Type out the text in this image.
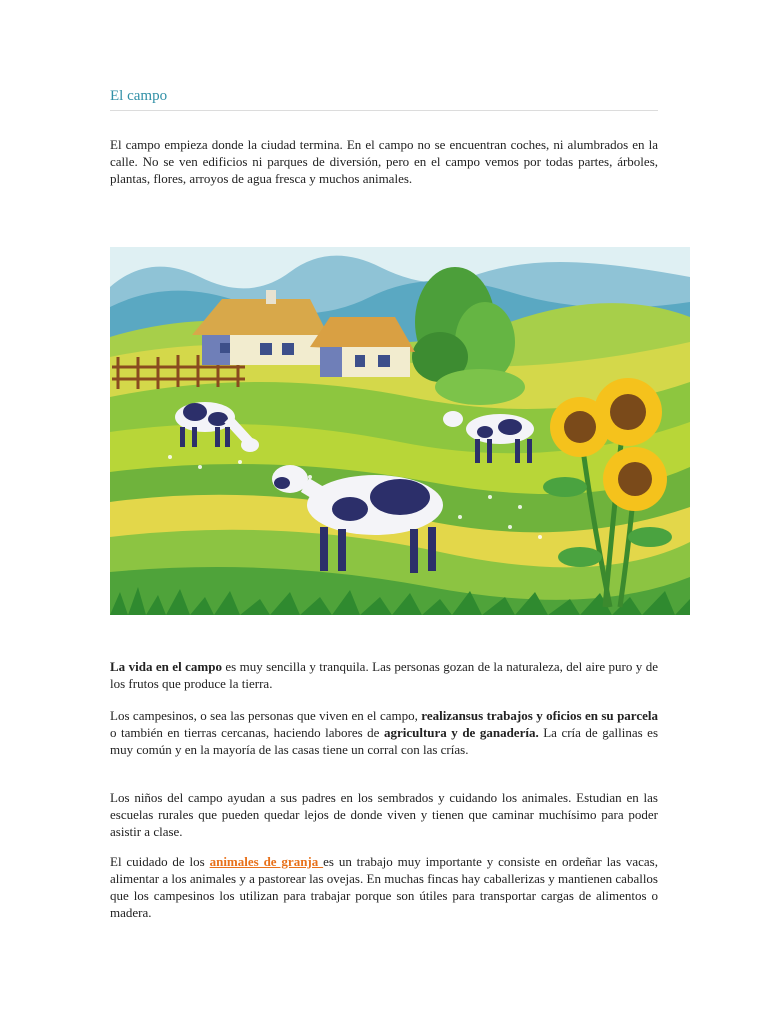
El campo

El campo empieza donde la ciudad termina. En el campo no se encuentran coches, ni alumbrados en la calle. No se ven edificios ni parques de diversión, pero en el campo vemos por todas partes, árboles, plantas, flores, arroyos de agua fresca y muchos animales.

La vida en el campo es muy sencilla y tranquila. Las personas gozan de la naturaleza, del aire puro y de los frutos que produce la tierra.

Los campesinos, o sea las personas que viven en el campo, realizansus trabajos y oficios en su parcela o también en tierras cercanas, haciendo labores de agricultura y de ganadería. La cría de gallinas es muy común y en la mayoría de las casas tiene un corral con las crías.

Los niños del campo ayudan a sus padres en los sembrados y cuidando los animales. Estudian en las escuelas rurales que pueden quedar lejos de donde viven y tienen que caminar muchísimo para poder asistir a clase.

El cuidado de los animales de granja es un trabajo muy importante y consiste en ordeñar las vacas, alimentar a los animales y a pastorear las ovejas. En muchas fincas hay caballerizas y mantienen caballos que los campesinos los utilizan para trabajar porque son útiles para transportar cargas de alimentos o madera.
